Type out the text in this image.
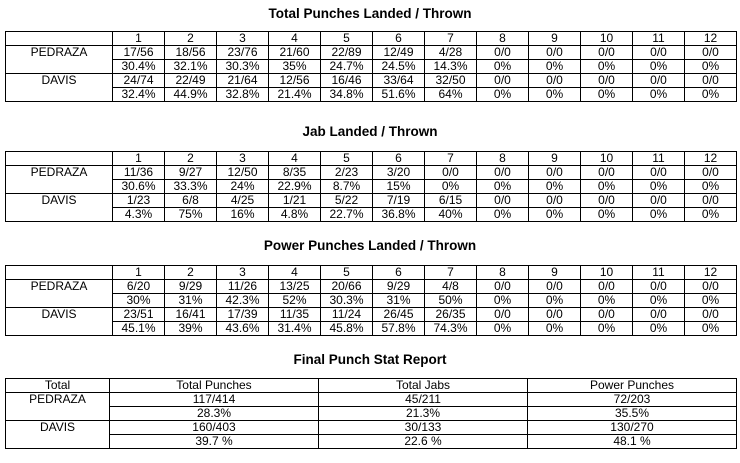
Total Punches Landed / Thrown
	1	2	3	4	5	6	7	8	9	10	11	12
PEDRAZA	17/56	18/56	23/76	21/60	22/89	12/49	4/28	0/0	0/0	0/0	0/0	0/0
	30.4%	32.1%	30.3%	35%	24.7%	24.5%	14.3%	0%	0%	0%	0%	0%
DAVIS	24/74	22/49	21/64	12/56	16/46	33/64	32/50	0/0	0/0	0/0	0/0	0/0
	32.4%	44.9%	32.8%	21.4%	34.8%	51.6%	64%	0%	0%	0%	0%	0%
Jab Landed / Thrown
	1	2	3	4	5	6	7	8	9	10	11	12
PEDRAZA	11/36	9/27	12/50	8/35	2/23	3/20	0/0	0/0	0/0	0/0	0/0	0/0
	30.6%	33.3%	24%	22.9%	8.7%	15%	0%	0%	0%	0%	0%	0%
DAVIS	1/23	6/8	4/25	1/21	5/22	7/19	6/15	0/0	0/0	0/0	0/0	0/0
	4.3%	75%	16%	4.8%	22.7%	36.8%	40%	0%	0%	0%	0%	0%
Power Punches Landed / Thrown
	1	2	3	4	5	6	7	8	9	10	11	12
PEDRAZA	6/20	9/29	11/26	13/25	20/66	9/29	4/8	0/0	0/0	0/0	0/0	0/0
	30%	31%	42.3%	52%	30.3%	31%	50%	0%	0%	0%	0%	0%
DAVIS	23/51	16/41	17/39	11/35	11/24	26/45	26/35	0/0	0/0	0/0	0/0	0/0
	45.1%	39%	43.6%	31.4%	45.8%	57.8%	74.3%	0%	0%	0%	0%	0%
Final Punch Stat Report
Total	Total Punches	Total Jabs	Power Punches
PEDRAZA	117/414	45/211	72/203
	28.3%	21.3%	35.5%
DAVIS	160/403	30/133	130/270
	39.7 %	22.6 %	48.1 %
